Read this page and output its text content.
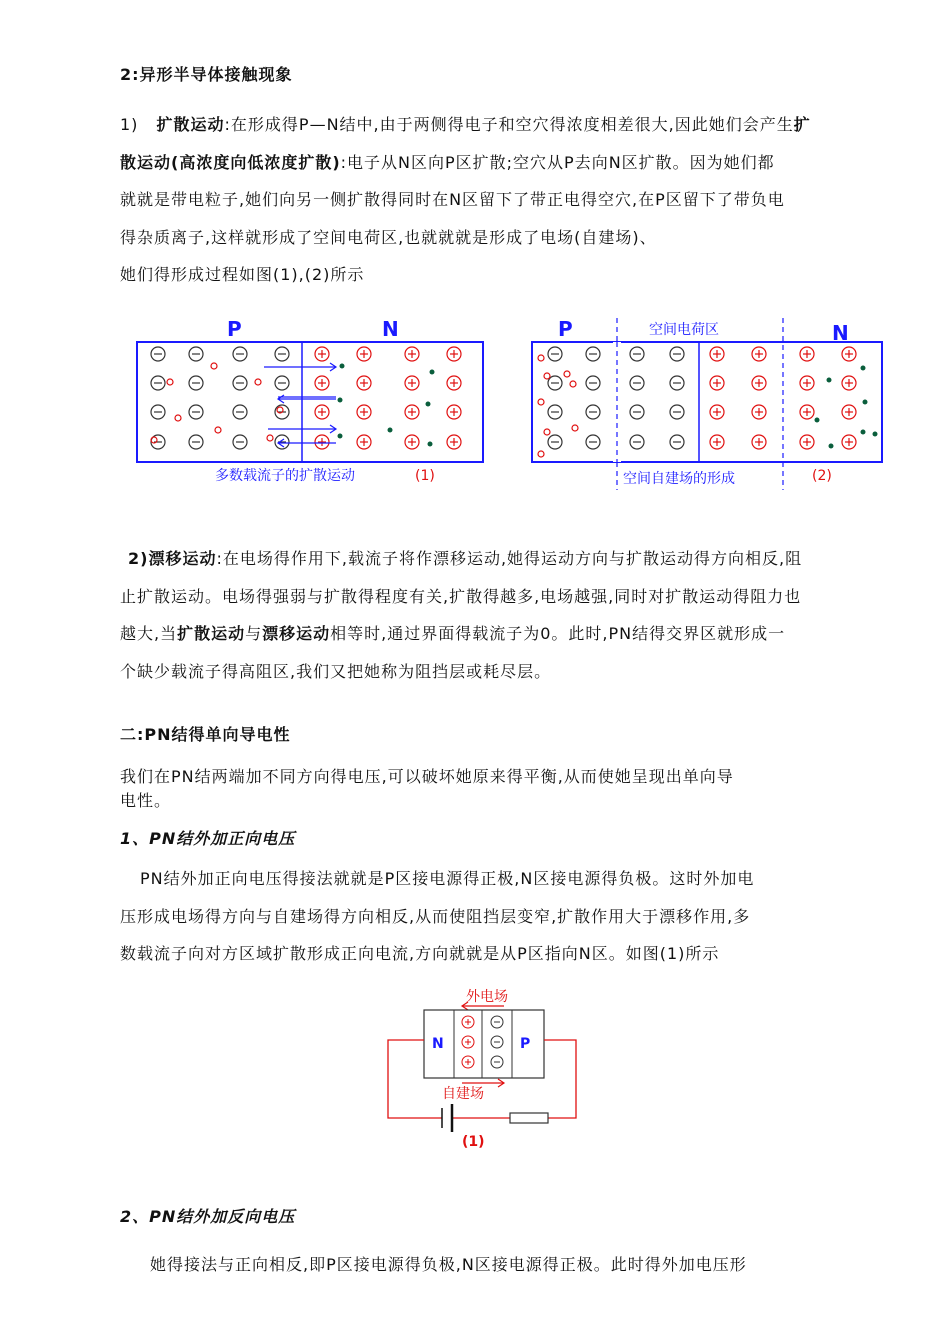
2:异形半导体接触现象
1) 扩散运动:在形成得P—N结中,由于两侧得电子和空穴得浓度相差很大,因此她们会产生扩
散运动(高浓度向低浓度扩散):电子从N区向P区扩散;空穴从P去向N区扩散。因为她们都
就就是带电粒子,她们向另一侧扩散得同时在N区留下了带正电得空穴,在P区留下了带负电
得杂质离子,这样就形成了空间电荷区,也就就就是形成了电场(自建场)、
她们得形成过程如图(1),(2)所示
P	N
多数载流子的扩散运动	(1)
P	空间电荷区	N
空间自建场的形成	(2)
2)漂移运动:在电场得作用下,载流子将作漂移运动,她得运动方向与扩散运动得方向相反,阻
止扩散运动。电场得强弱与扩散得程度有关,扩散得越多,电场越强,同时对扩散运动得阻力也
越大,当扩散运动与漂移运动相等时,通过界面得载流子为0。此时,PN结得交界区就形成一
个缺少载流子得高阻区,我们又把她称为阻挡层或耗尽层。
二:PN结得单向导电性
我们在PN结两端加不同方向得电压,可以破坏她原来得平衡,从而使她呈现出单向导
电性。
1、PN结外加正向电压
PN结外加正向电压得接法就就是P区接电源得正极,N区接电源得负极。这时外加电
压形成电场得方向与自建场得方向相反,从而使阻挡层变窄,扩散作用大于漂移作用,多
数载流子向对方区域扩散形成正向电流,方向就就是从P区指向N区。如图(1)所示
外电场
N	P
自建场
(1)
2、PN结外加反向电压
她得接法与正向相反,即P区接电源得负极,N区接电源得正极。此时得外加电压形
